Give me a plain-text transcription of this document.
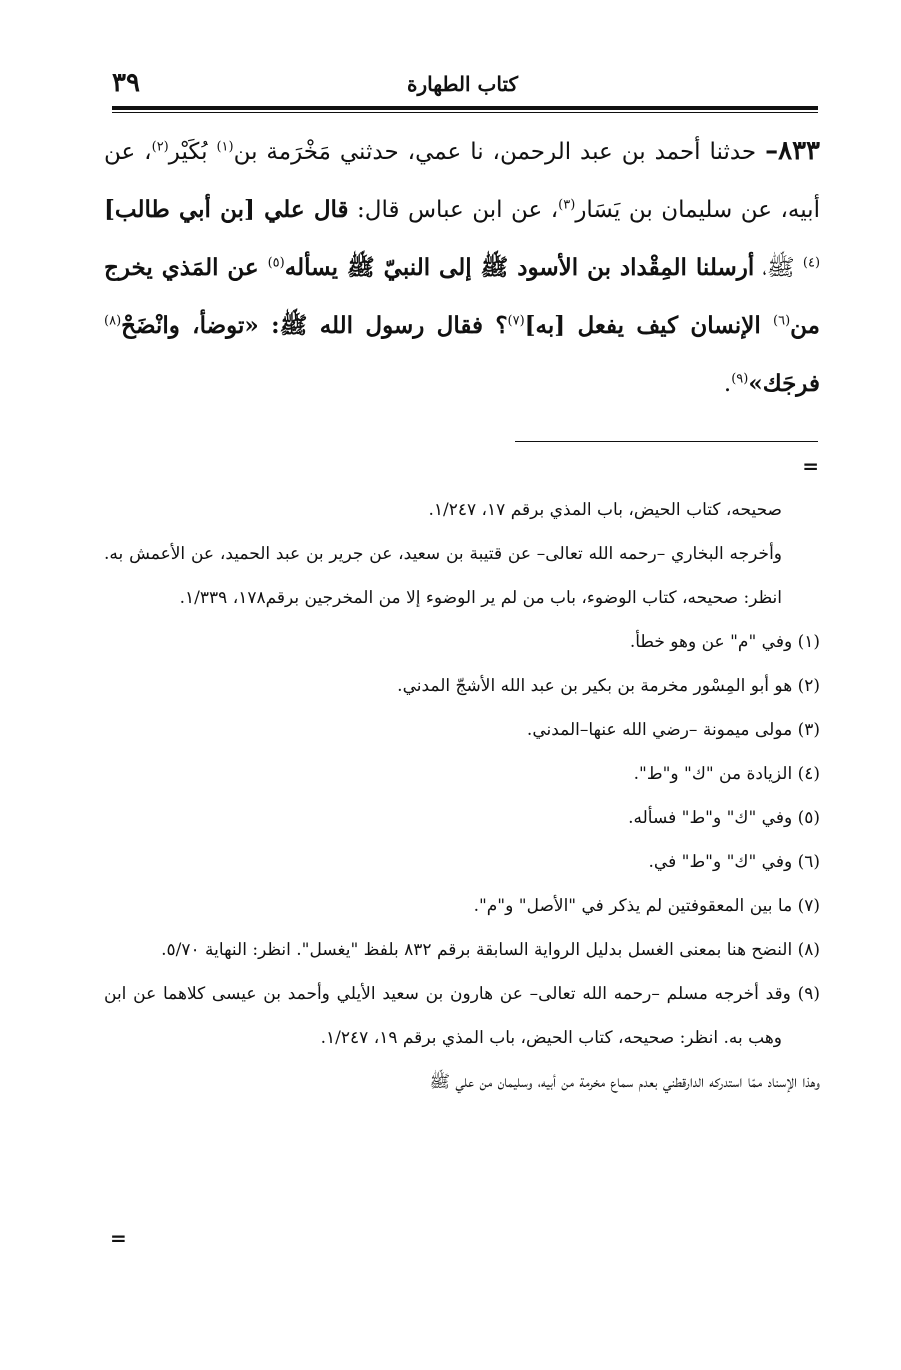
كتاب الطهارة
٣٩
٨٣٣– حدثنا أحمد بن عبد الرحمن، نا عمي، حدثني مَخْرَمة بن$^{(١)}$ بُكَيْر$^{(٢)}$، عن أبيه، عن سليمان بن يَسَار$^{(٣)}$، عن ابن عباس قال: قال علي [بن أبي طالب]$^{(٤)}$ ﷺ، أرسلنا المِقْداد بن الأسود ﷺ إلى النبيّ ﷺ يسأله$^{(٥)}$ عن المَذي يخرج من$^{(٦)}$ الإنسان كيف يفعل [به]$^{(٧)}$؟ فقال رسول الله ﷺ: «توضأ، وانْضَحْ$^{(٨)}$ فرجَك»$^{(٩)}$.
=

صحيحه، كتاب الحيض، باب المذي برقم ١٧، ١/٢٤٧.

وأخرجه البخاري –رحمه الله تعالى– عن قتيبة بن سعيد، عن جرير بن عبد الحميد، عن الأعمش به. انظر: صحيحه، كتاب الوضوء، باب من لم ير الوضوء إلا من المخرجين برقم١٧٨، ١/٣٣٩.

(١) وفي "م" عن وهو خطأ.

(٢) هو أبو المِسْور مخرمة بن بكير بن عبد الله الأشجّ المدني.

(٣) مولى ميمونة –رضي الله عنها–المدني.

(٤) الزيادة من "ك" و"ط".

(٥) وفي "ك" و"ط" فسأله.

(٦) وفي "ك" و"ط" في.

(٧) ما بين المعقوفتين لم يذكر في "الأصل" و"م".

(٨) النضح هنا بمعنى الغسل بدليل الرواية السابقة برقم ٨٣٢ بلفظ "يغسل". انظر: النهاية ٥/٧٠.

(٩) وقد أخرجه مسلم –رحمه الله تعالى– عن هارون بن سعيد الأيلي وأحمد بن عيسى كلاهما عن ابن وهب به. انظر: صحيحه، كتاب الحيض، باب المذي برقم ١٩، ١/٢٤٧.

وهذا الإسناد ممّا استدركه الدارقطني بعدم سماع مخرمة من أبيه، وسليمان من علي ﷺ

=
